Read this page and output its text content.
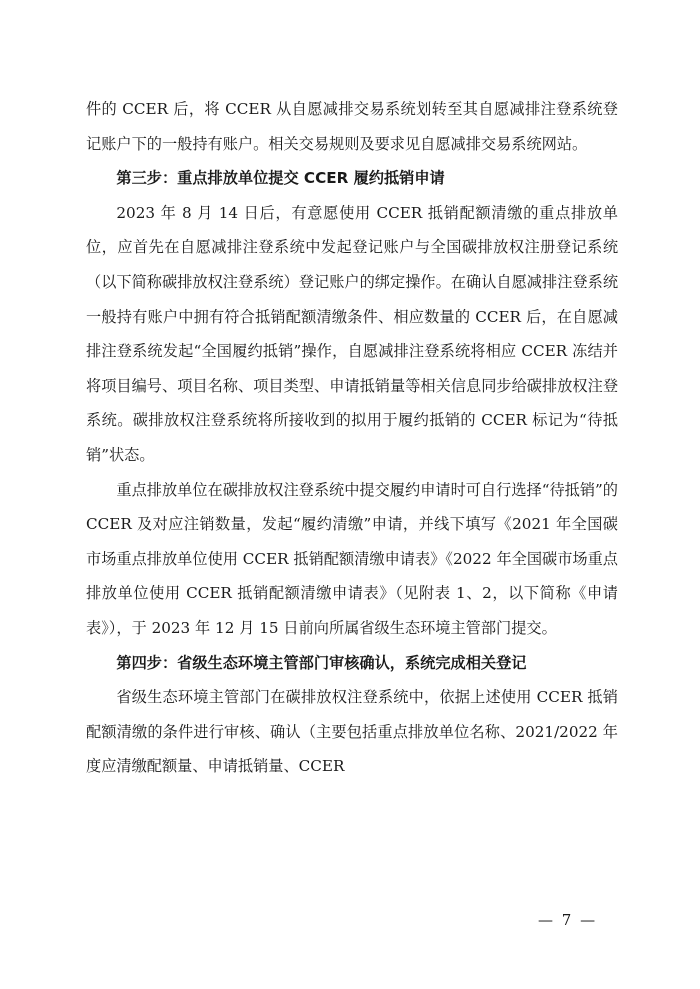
件的 CCER 后，将 CCER 从自愿减排交易系统划转至其自愿减排注登系统登记账户下的一般持有账户。相关交易规则及要求见自愿减排交易系统网站。

第三步：重点排放单位提交 CCER 履约抵销申请

2023 年 8 月 14 日后，有意愿使用 CCER 抵销配额清缴的重点排放单位，应首先在自愿减排注登系统中发起登记账户与全国碳排放权注册登记系统（以下简称碳排放权注登系统）登记账户的绑定操作。在确认自愿减排注登系统一般持有账户中拥有符合抵销配额清缴条件、相应数量的 CCER 后，在自愿减排注登系统发起“全国履约抵销”操作，自愿减排注登系统将相应 CCER 冻结并将项目编号、项目名称、项目类型、申请抵销量等相关信息同步给碳排放权注登系统。碳排放权注登系统将所接收到的拟用于履约抵销的 CCER 标记为“待抵销”状态。

重点排放单位在碳排放权注登系统中提交履约申请时可自行选择“待抵销”的 CCER 及对应注销数量，发起“履约清缴”申请，并线下填写《2021 年全国碳市场重点排放单位使用 CCER 抵销配额清缴申请表》《2022 年全国碳市场重点排放单位使用 CCER 抵销配额清缴申请表》（见附表 1、2，以下简称《申请表》），于 2023 年 12 月 15 日前向所属省级生态环境主管部门提交。

第四步：省级生态环境主管部门审核确认，系统完成相关登记

省级生态环境主管部门在碳排放权注登系统中，依据上述使用 CCER 抵销配额清缴的条件进行审核、确认（主要包括重点排放单位名称、2021/2022 年度应清缴配额量、申请抵销量、CCER

— 7 —
